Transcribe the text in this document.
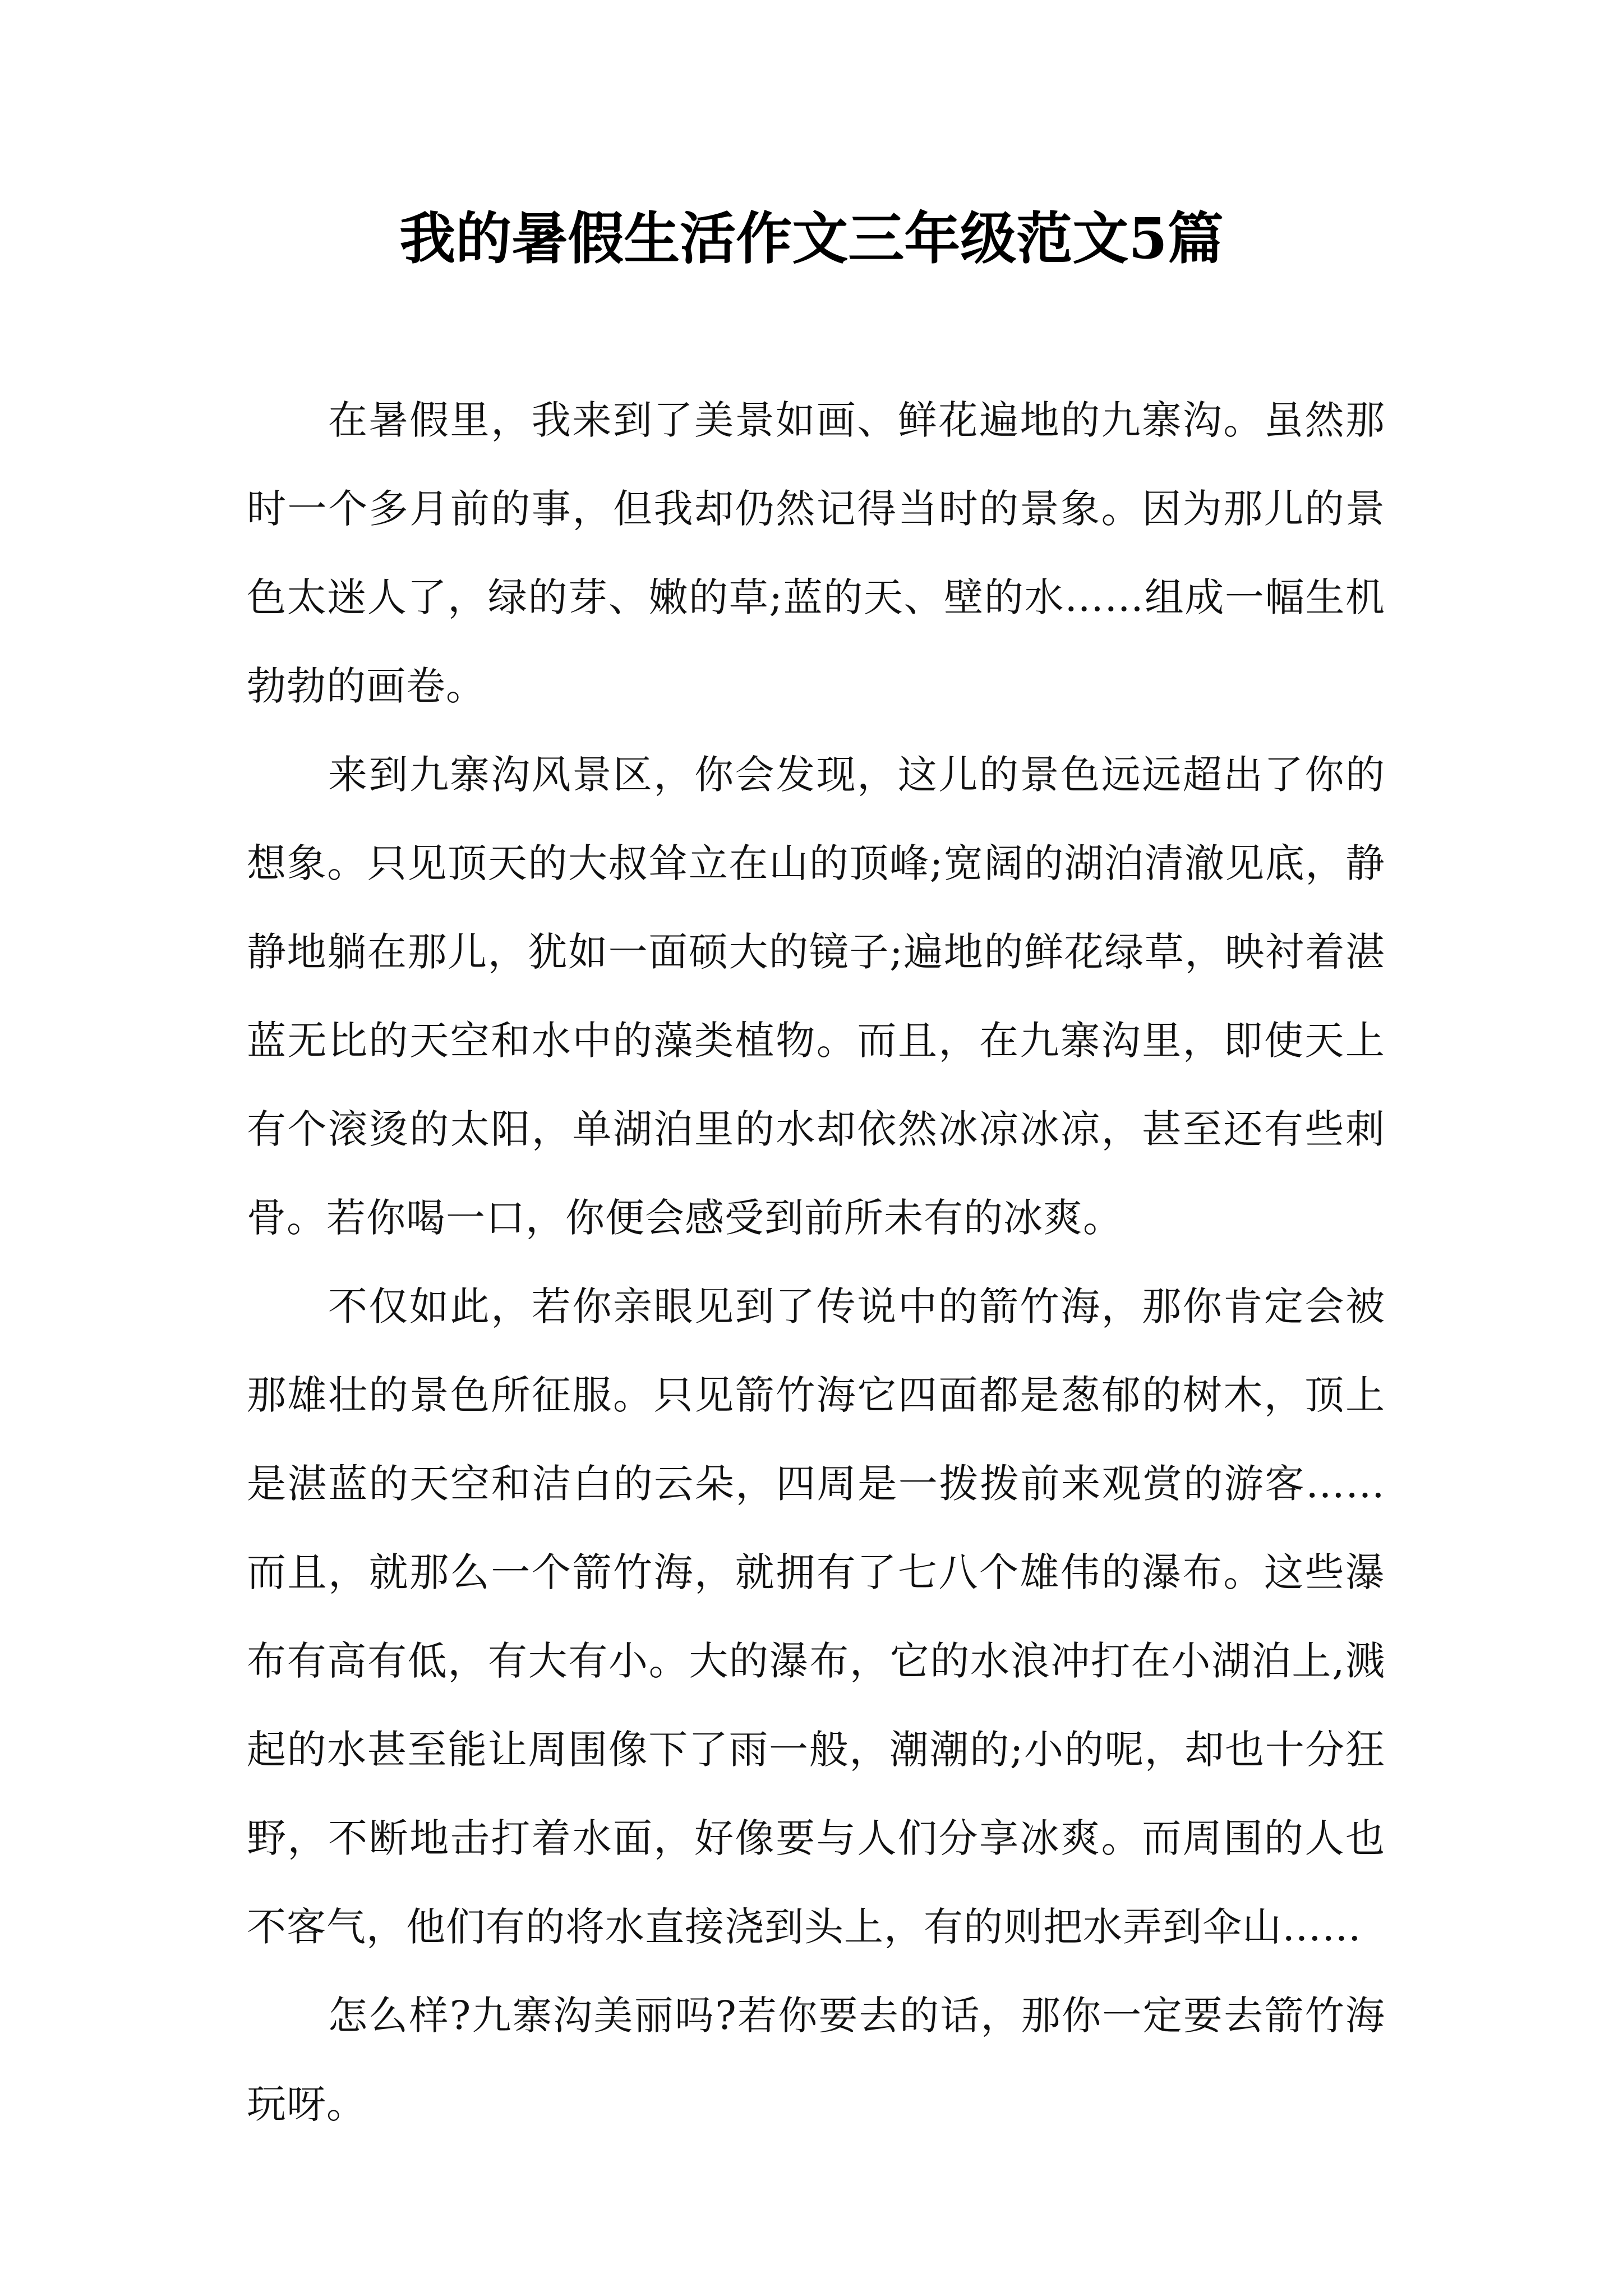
我的暑假生活作文三年级范文5篇

在暑假里，我来到了美景如画、鲜花遍地的九寨沟。虽然那时一个多月前的事，但我却仍然记得当时的景象。因为那儿的景色太迷人了，绿的芽、嫩的草;蓝的天、壁的水……组成一幅生机勃勃的画卷。

来到九寨沟风景区，你会发现，这儿的景色远远超出了你的想象。只见顶天的大叔耸立在山的顶峰;宽阔的湖泊清澈见底，静静地躺在那儿，犹如一面硕大的镜子;遍地的鲜花绿草，映衬着湛蓝无比的天空和水中的藻类植物。而且，在九寨沟里，即使天上有个滚烫的太阳，单湖泊里的水却依然冰凉冰凉，甚至还有些刺骨。若你喝一口，你便会感受到前所未有的冰爽。

不仅如此，若你亲眼见到了传说中的箭竹海，那你肯定会被那雄壮的景色所征服。只见箭竹海它四面都是葱郁的树木，顶上是湛蓝的天空和洁白的云朵，四周是一拨拨前来观赏的游客……而且，就那么一个箭竹海，就拥有了七八个雄伟的瀑布。这些瀑布有高有低，有大有小。大的瀑布，它的水浪冲打在小湖泊上,溅起的水甚至能让周围像下了雨一般，潮潮的;小的呢，却也十分狂野，不断地击打着水面，好像要与人们分享冰爽。而周围的人也不客气，他们有的将水直接浇到头上，有的则把水弄到伞山……

怎么样?九寨沟美丽吗?若你要去的话，那你一定要去箭竹海玩呀。
